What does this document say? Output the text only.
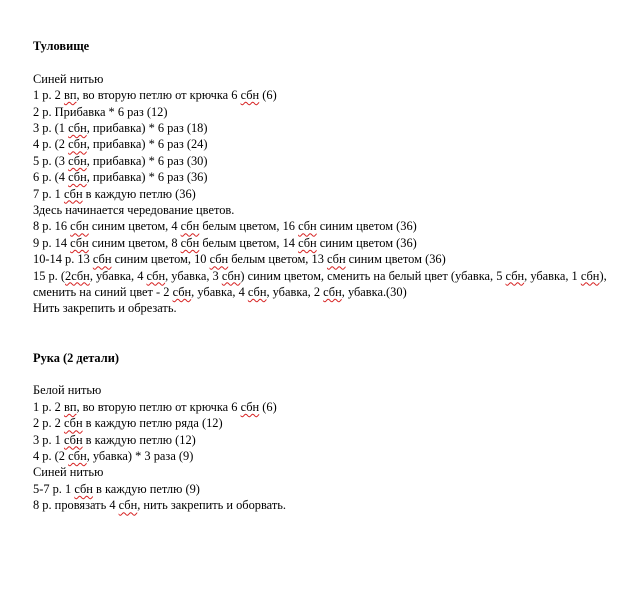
Туловище
Синей нитью
1 р. 2 вп, во вторую петлю от крючка 6 сбн (6)
2 р. Прибавка * 6 раз (12)
3 р. (1 сбн, прибавка) * 6 раз (18)
4 р. (2 сбн, прибавка) * 6 раз (24)
5 р. (3 сбн, прибавка) * 6 раз (30)
6 р. (4 сбн, прибавка) * 6 раз (36)
7 р. 1 сбн в каждую петлю (36)
Здесь начинается чередование цветов.
8 р. 16 сбн синим цветом, 4 сбн белым цветом, 16 сбн синим цветом (36)
9 р. 14 сбн синим цветом, 8 сбн белым цветом, 14 сбн синим цветом (36)
10-14 р. 13 сбн синим цветом, 10 сбн белым цветом, 13 сбн синим цветом (36)
15 р. (2сбн, убавка, 4 сбн, убавка, 3 сбн) синим цветом, сменить на белый цвет (убавка, 5 сбн, убавка, 1 сбн), сменить на синий цвет - 2 сбн, убавка, 4 сбн, убавка, 2 сбн, убавка.(30)
Нить закрепить и обрезать.
Рука (2 детали)
Белой нитью
1 р. 2 вп, во вторую петлю от крючка 6 сбн (6)
2 р. 2 сбн в каждую петлю ряда (12)
3 р. 1 сбн в каждую петлю (12)
4 р. (2 сбн, убавка) * 3 раза (9)
Синей нитью
5-7 р. 1 сбн в каждую петлю (9)
8 р. провязать 4 сбн, нить закрепить и оборвать.
